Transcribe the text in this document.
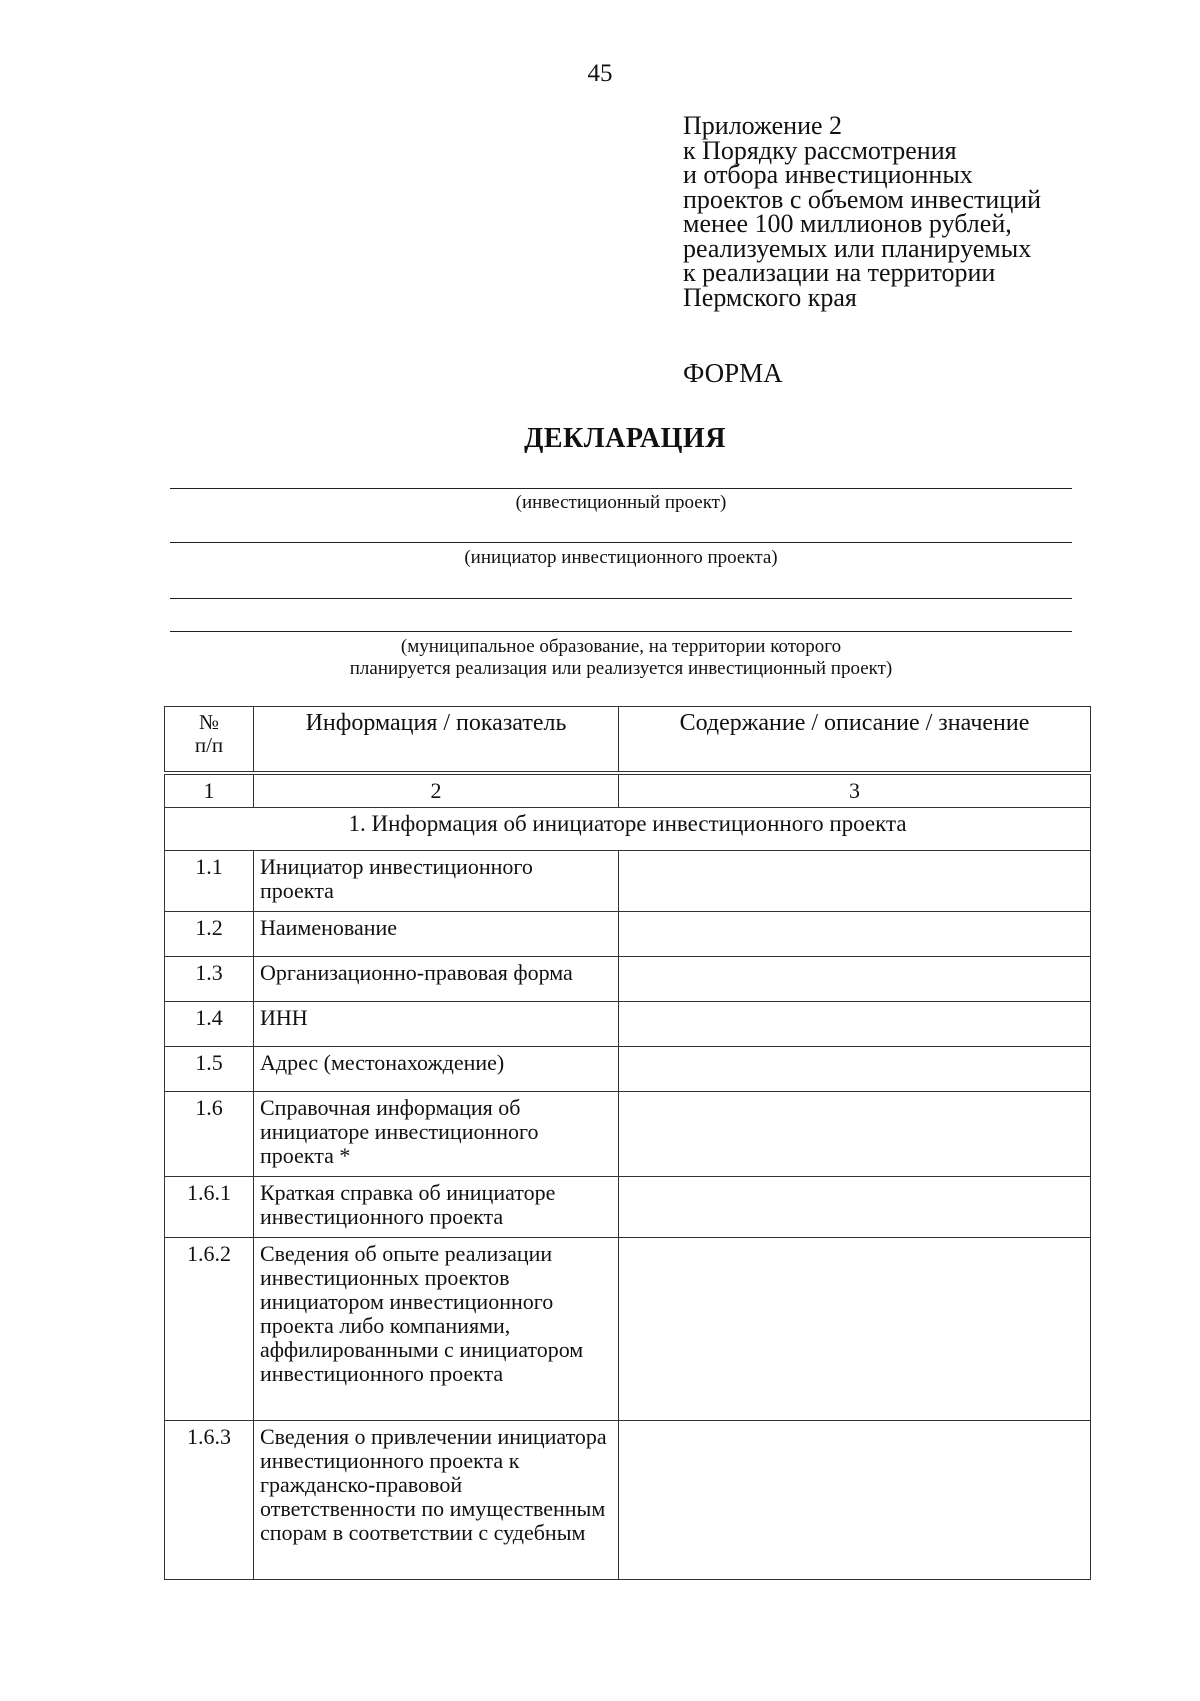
45
Приложение 2
к Порядку рассмотрения
и отбора инвестиционных
проектов с объемом инвестиций
менее 100 миллионов рублей,
реализуемых или планируемых
к реализации на территории
Пермского края
ФОРМА
ДЕКЛАРАЦИЯ
(инвестиционный проект)
(инициатор инвестиционного проекта)
(муниципальное образование, на территории которого
планируется реализация или реализуется инвестиционный проект)
№
п/п	Информация / показатель	Содержание / описание / значение
1	2	3
1. Информация об инициаторе инвестиционного проекта		
1.1	Инициатор инвестиционного проекта	
1.2	Наименование	
1.3	Организационно-правовая форма	
1.4	ИНН	
1.5	Адрес (местонахождение)	
1.6	Справочная информация об инициаторе инвестиционного проекта *	
1.6.1	Краткая справка об инициаторе инвестиционного проекта	
1.6.2	Сведения об опыте реализации инвестиционных проектов инициатором инвестиционного проекта либо компаниями, аффилированными с инициатором инвестиционного проекта	
1.6.3	Сведения о привлечении инициатора инвестиционного проекта к гражданско-правовой ответственности по имущественным спорам в соответствии с судебным	
